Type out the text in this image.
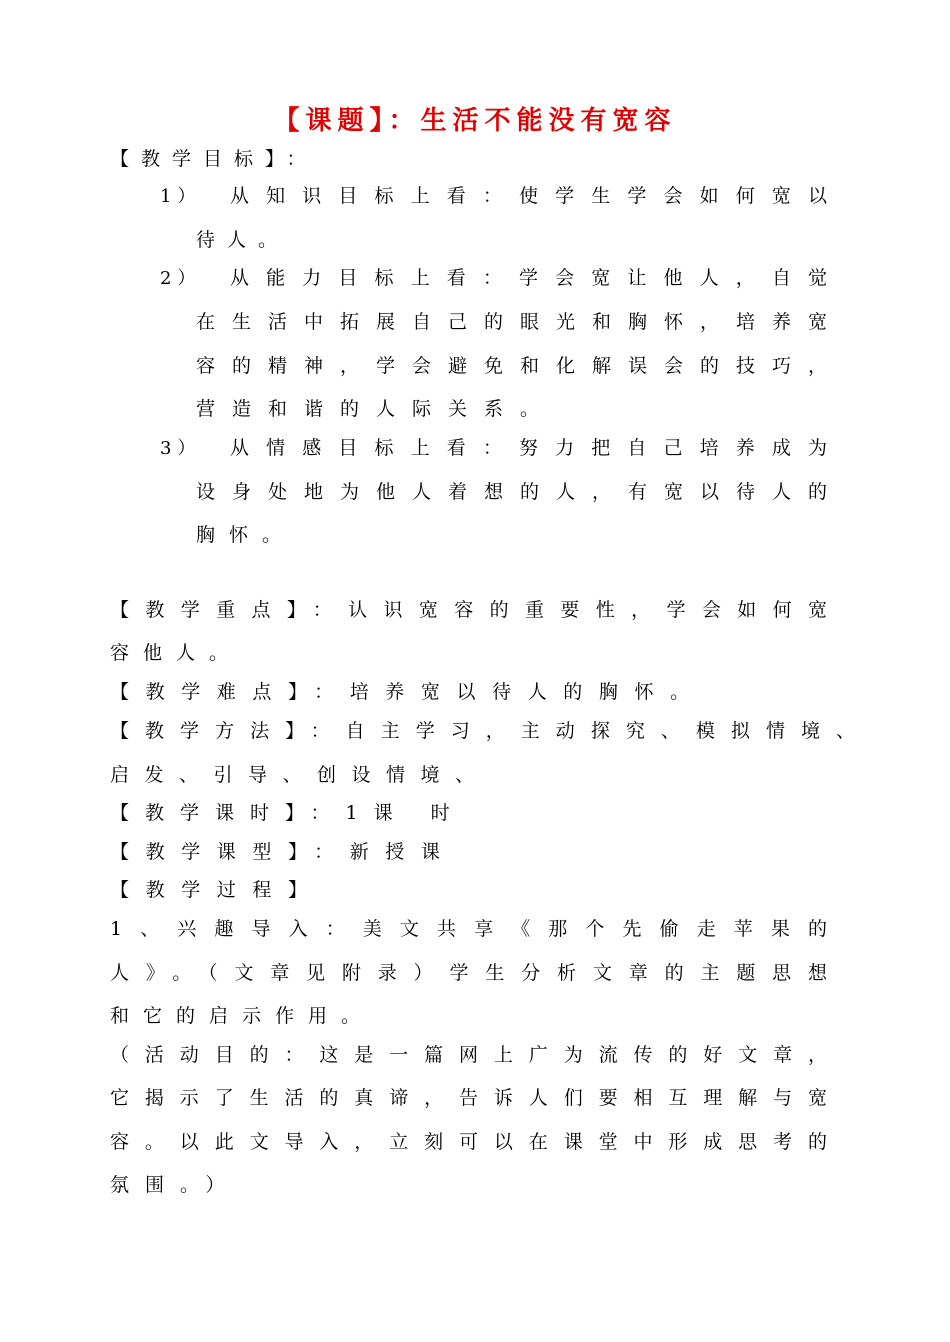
【课题】：生活不能没有宽容
【教学目标】：
1） 从知识目标上看：使学生学会如何宽以
待人。
2） 从能力目标上看：学会宽让他人，自觉
在生活中拓展自己的眼光和胸怀，培养宽
容的精神，学会避免和化解误会的技巧，
营造和谐的人际关系。
3） 从情感目标上看：努力把自己培养成为
设身处地为他人着想的人，有宽以待人的
胸怀。
【教学重点】：认识宽容的重要性，学会如何宽
容他人。
【教学难点】：培养宽以待人的胸怀。
【教学方法】：自主学习，主动探究、模拟情境、
启发、引导、创设情境、
【教学课时】：1课 时
【教学课型】：新授课
【教学过程】
1、兴趣导入：美文共享《那个先偷走苹果的
人》。（文章见附录）学生分析文章的主题思想
和它的启示作用。
（活动目的：这是一篇网上广为流传的好文章，
它揭示了生活的真谛，告诉人们要相互理解与宽
容。以此文导入，立刻可以在课堂中形成思考的
氛围。）
